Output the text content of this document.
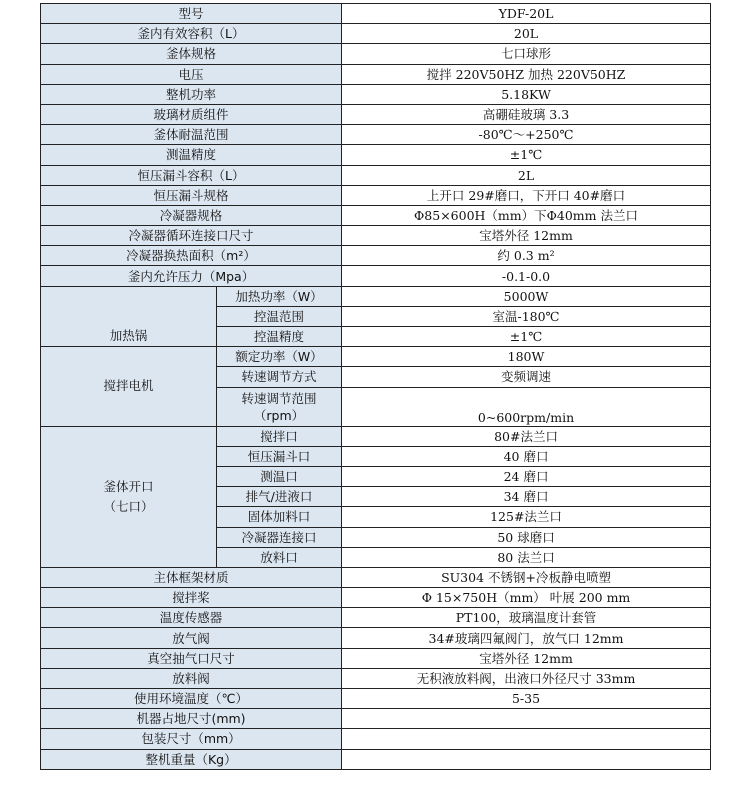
型号		YDF-20L
釜内有效容积（L）		20L
釜体规格		七口球形
电压		搅拌 220V50HZ 加热 220V50HZ
整机功率		5.18KW
玻璃材质组件		高硼硅玻璃 3.3
釜体耐温范围		-80℃～+250℃
测温精度		±1℃
恒压漏斗容积（L）		2L
恒压漏斗规格		上开口 29#磨口，下开口 40#磨口
冷凝器规格		Φ85×600H（mm）下Φ40mm 法兰口
冷凝器循环连接口尺寸		宝塔外径 12mm
冷凝器换热面积（m²）		约 0.3 m²
釜内允许压力（Mpa）		-0.1-0.0
加热锅	加热功率（W）	5000W
	控温范围	室温-180℃
	控温精度	±1℃
搅拌电机	额定功率（W）	180W
	转速调节方式	变频调速
	转速调节范围
（rpm）	0~600rpm/min
釜体开口
（七口）	搅拌口	80#法兰口
	恒压漏斗口	40 磨口
	测温口	24 磨口
	排气/进液口	34 磨口
	固体加料口	125#法兰口
	冷凝器连接口	50 球磨口
	放料口	80 法兰口
主体框架材质		SU304 不锈钢+冷板静电喷塑
搅拌桨		Φ 15×750H（mm） 叶展 200 mm
温度传感器		PT100，玻璃温度计套管
放气阀		34#玻璃四氟阀门，放气口 12mm
真空抽气口尺寸		宝塔外径 12mm
放料阀		无积液放料阀，出液口外径尺寸 33mm
使用环境温度（℃）		5-35
机器占地尺寸(mm)		
包装尺寸（mm）		
整机重量（Kg）		
